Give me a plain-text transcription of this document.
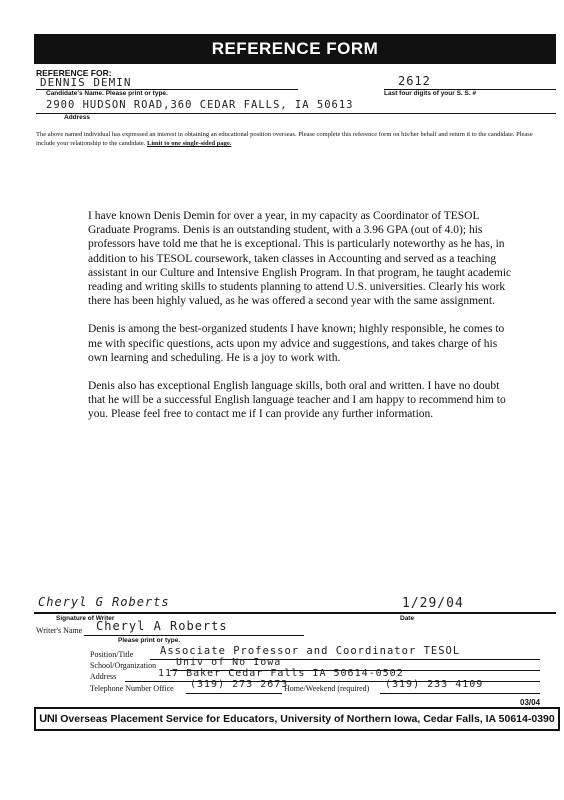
REFERENCE FORM
REFERENCE FOR:
DENNIS DEMIN
Candidate's Name. Please print or type.
2612
Last four digits of your S. S. #
2900 HUDSON ROAD,360 CEDAR FALLS, IA 50613
Address
The above named individual has expressed an interest in obtaining an educational position overseas. Please complete this reference form on his/her behalf and return it to the candidate. Please include your relationship to the candidate. Limit to one single-sided page.

I have known Denis Demin for over a year, in my capacity as Coordinator of TESOL Graduate Programs. Denis is an outstanding student, with a 3.96 GPA (out of 4.0); his professors have told me that he is exceptional. This is particularly noteworthy as he has, in addition to his TESOL coursework, taken classes in Accounting and served as a teaching assistant in our Culture and Intensive English Program. In that program, he taught academic reading and writing skills to students planning to attend U.S. universities. Clearly his work there has been highly valued, as he was offered a second year with the same assignment.

Denis is among the best-organized students I have known; highly responsible, he comes to me with specific questions, acts upon my advice and suggestions, and takes charge of his own learning and scheduling. He is a joy to work with.

Denis also has exceptional English language skills, both oral and written. I have no doubt that he will be a successful English language teacher and I am happy to recommend him to you. Please feel free to contact me if I can provide any further information.

Cheryl G Roberts	1/29/04
Signature of Writer	Date
Writer's Name Cheryl A Roberts
Please print or type.
Position/Title	Associate Professor and Coordinator TESOL
School/Organization Univ of No Iowa
Address	117 Baker Cedar Falls IA 50614-0502
Telephone Number Office (319) 273 2673
Home/Weekend (required) (319) 233 4109
03/04
UNI Overseas Placement Service for Educators, University of Northern Iowa, Cedar Falls, IA 50614-0390
